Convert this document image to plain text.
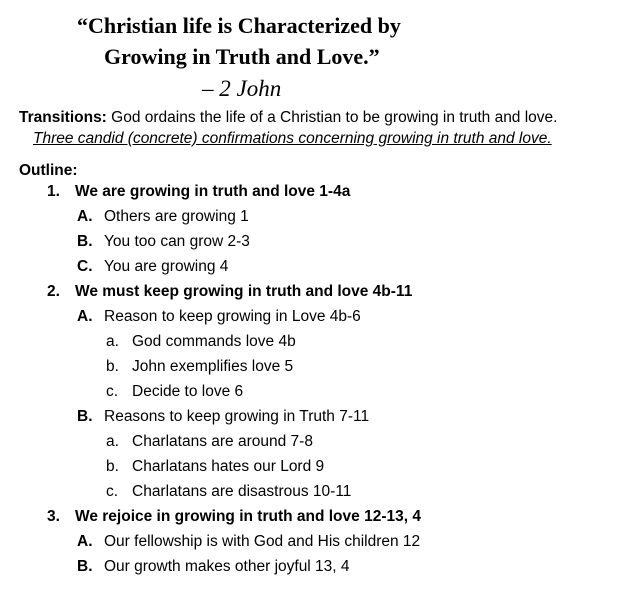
“Christian life is Characterized by
Growing in Truth and Love.”
– 2 John
Transitions: God ordains the life of a Christian to be growing in truth and love.
Three candid (concrete) confirmations concerning growing in truth and love.
Outline:
1. We are growing in truth and love 1-4a
A. Others are growing 1
B. You too can grow 2-3
C. You are growing 4
2. We must keep growing in truth and love 4b-11
A. Reason to keep growing in Love 4b-6
a. God commands love 4b
b. John exemplifies love 5
c. Decide to love 6
B. Reasons to keep growing in Truth 7-11
a. Charlatans are around 7-8
b. Charlatans hates our Lord 9
c. Charlatans are disastrous 10-11
3. We rejoice in growing in truth and love 12-13, 4
A. Our fellowship is with God and His children 12
B. Our growth makes other joyful 13, 4
